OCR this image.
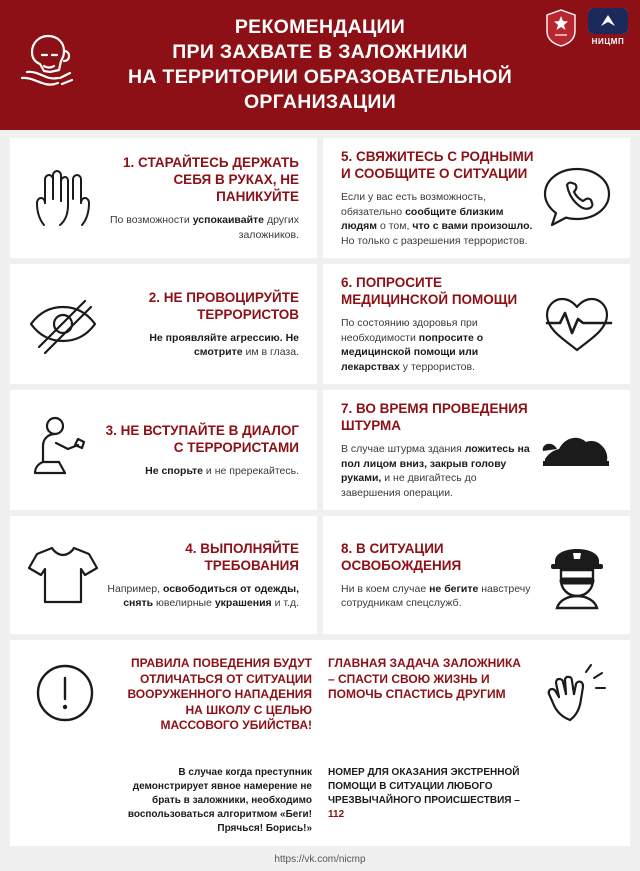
РЕКОМЕНДАЦИИ
ПРИ ЗАХВАТЕ В ЗАЛОЖНИКИ
НА ТЕРРИТОРИИ ОБРАЗОВАТЕЛЬНОЙ
ОРГАНИЗАЦИИ
НИЦМП
1. СТАРАЙТЕСЬ ДЕРЖАТЬ СЕБЯ В РУКАХ, НЕ ПАНИКУЙТЕ
По возможности успокаивайте других заложников.
5. СВЯЖИТЕСЬ С РОДНЫМИ И СООБЩИТЕ О СИТУАЦИИ
Если у вас есть возможность, обязательно сообщите близким людям о том, что с вами произошло. Но только с разрешения террористов.
2. НЕ ПРОВОЦИРУЙТЕ ТЕРРОРИСТОВ
Не проявляйте агрессию. Не смотрите им в глаза.
6. ПОПРОСИТЕ МЕДИЦИНСКОЙ ПОМОЩИ
По состоянию здоровья при необходимости попросите о медицинской помощи или лекарствах у террористов.
3. НЕ ВСТУПАЙТЕ В ДИАЛОГ С ТЕРРОРИСТАМИ
Не спорьте и не пререкайтесь.
7. ВО ВРЕМЯ ПРОВЕДЕНИЯ ШТУРМА
В случае штурма здания ложитесь на пол лицом вниз, закрыв голову руками, и не двигайтесь до завершения операции.
4. ВЫПОЛНЯЙТЕ ТРЕБОВАНИЯ
Например, освободиться от одежды, снять ювелирные украшения и т.д.
8. В СИТУАЦИИ ОСВОБОЖДЕНИЯ
Ни в коем случае не бегите навстречу сотрудникам спецслужб.
ПРАВИЛА ПОВЕДЕНИЯ БУДУТ ОТЛИЧАТЬСЯ ОТ СИТУАЦИИ ВООРУЖЕННОГО НАПАДЕНИЯ НА ШКОЛУ С ЦЕЛЬЮ МАССОВОГО УБИЙСТВА!
ГЛАВНАЯ ЗАДАЧА ЗАЛОЖНИКА – СПАСТИ СВОЮ ЖИЗНЬ И ПОМОЧЬ СПАСТИСЬ ДРУГИМ
В случае когда преступник демонстрирует явное намерение не брать в заложники, необходимо воспользоваться алгоритмом «Беги! Прячься! Борись!»
НОМЕР ДЛЯ ОКАЗАНИЯ ЭКСТРЕННОЙ ПОМОЩИ В СИТУАЦИИ ЛЮБОГО ЧРЕЗВЫЧАЙНОГО ПРОИСШЕСТВИЯ – 112
https://vk.com/nicmp
